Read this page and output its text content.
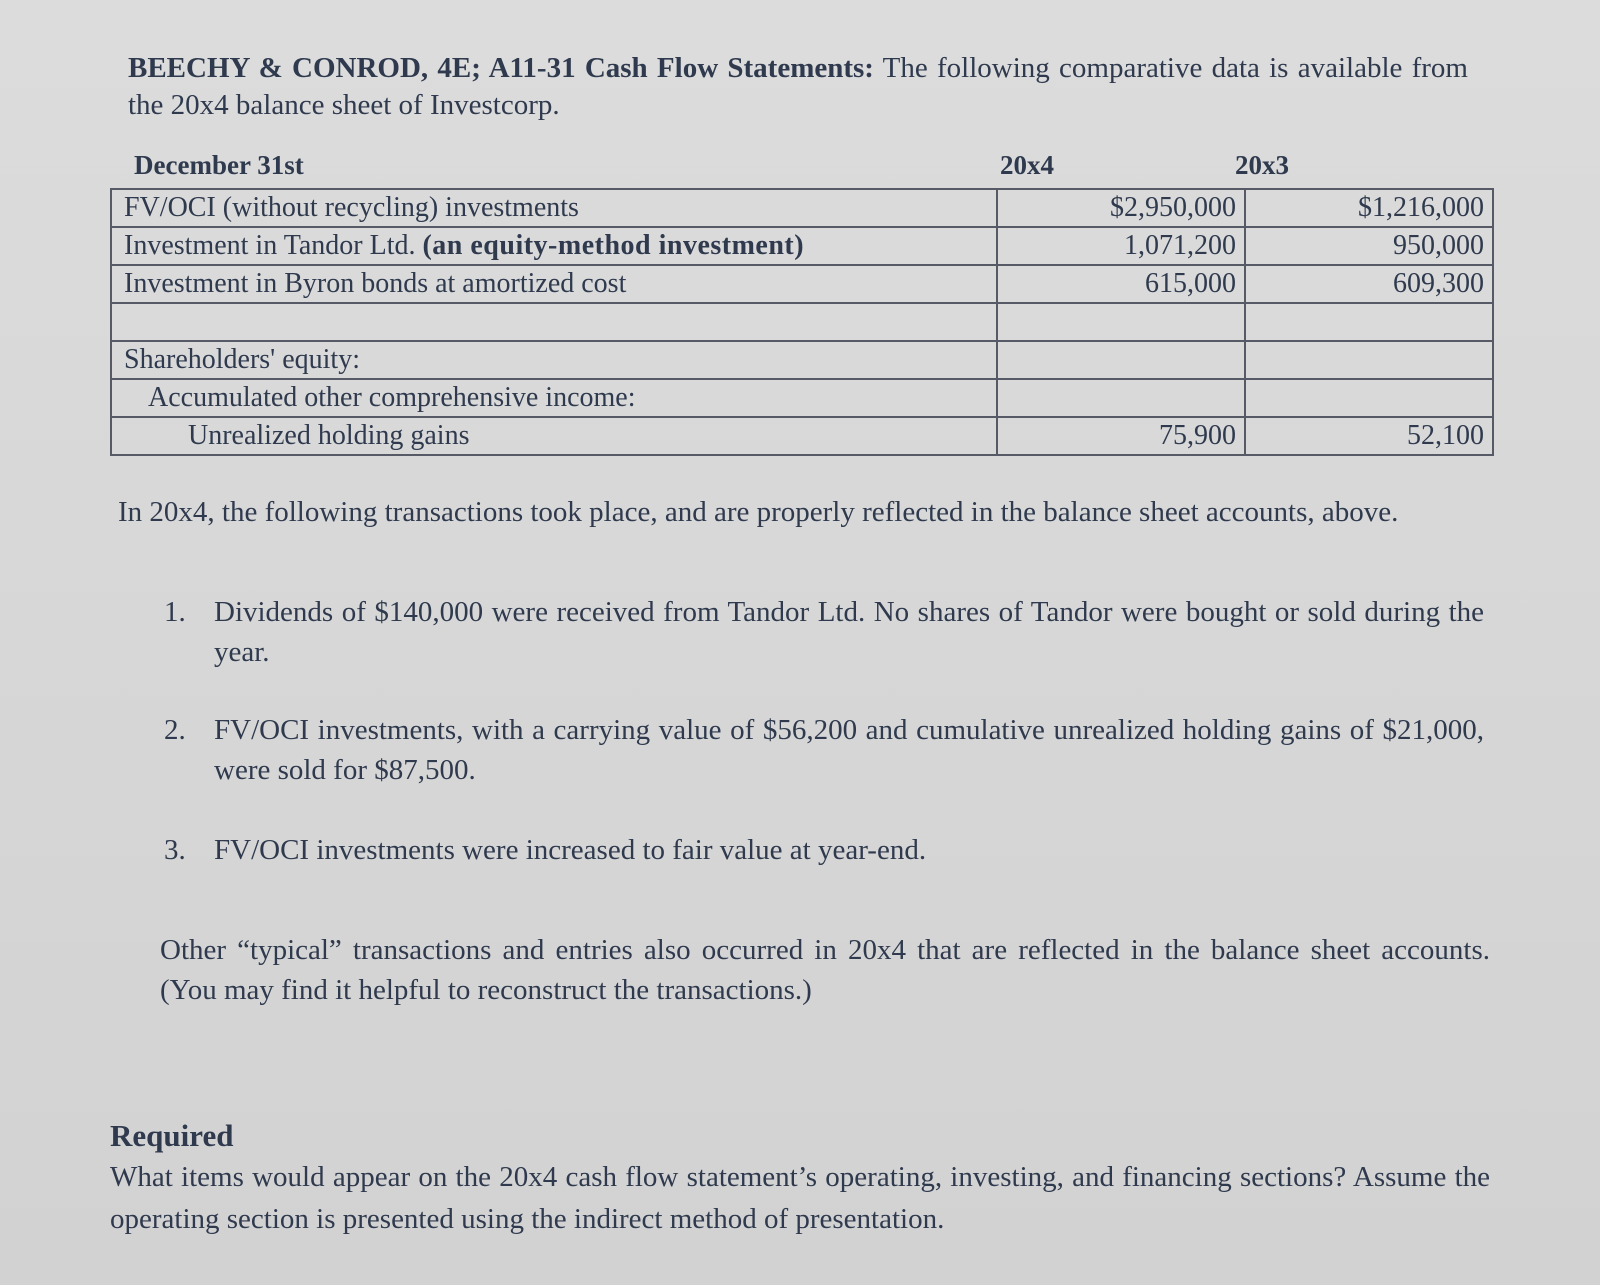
BEECHY & CONROD, 4E; A11-31 Cash Flow Statements: The following comparative data is available from the 20x4 balance sheet of Investcorp.
December 31st	20x4	20x3
FV/OCI (without recycling) investments	$2,950,000	$1,216,000
Investment in Tandor Ltd. (an equity-method investment)	1,071,200	950,000
Investment in Byron bonds at amortized cost	615,000	609,300

Shareholders' equity:		
Accumulated other comprehensive income:		
Unrealized holding gains	75,900	52,100
In 20x4, the following transactions took place, and are properly reflected in the balance sheet accounts, above.
1. Dividends of $140,000 were received from Tandor Ltd. No shares of Tandor were bought or sold during the year.
2. FV/OCI investments, with a carrying value of $56,200 and cumulative unrealized holding gains of $21,000, were sold for $87,500.
3. FV/OCI investments were increased to fair value at year-end.
Other “typical” transactions and entries also occurred in 20x4 that are reflected in the balance sheet accounts. (You may find it helpful to reconstruct the transactions.)
Required
What items would appear on the 20x4 cash flow statement’s operating, investing, and financing sections? Assume the operating section is presented using the indirect method of presentation.
